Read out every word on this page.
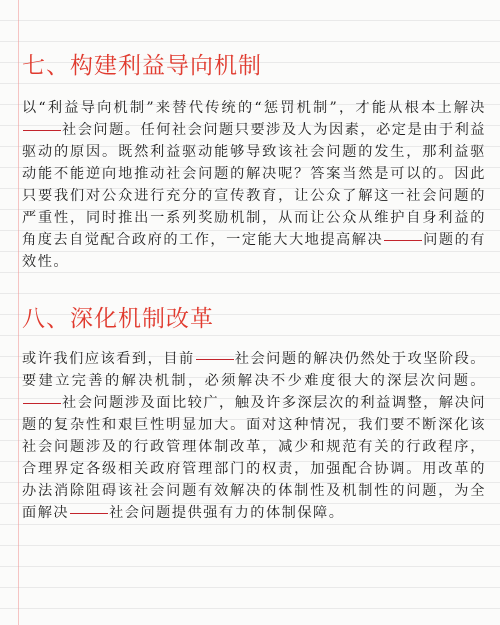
七、构建利益导向机制

以“利益导向机制”来替代传统的“惩罚机制”，才能从根本上解决社会问题。任何社会问题只要涉及人为因素，必定是由于利益驱动的原因。既然利益驱动能够导致该社会问题的发生，那利益驱动能不能逆向地推动社会问题的解决呢？答案当然是可以的。因此只要我们对公众进行充分的宣传教育，让公众了解这一社会问题的严重性，同时推出一系列奖励机制，从而让公众从维护自身利益的角度去自觉配合政府的工作，一定能大大地提高解决	问题的有效性。

八、深化机制改革

或许我们应该看到，目前	社会问题的解决仍然处于攻坚阶段。要建立完善的解决机制，必须解决不少难度很大的深层次问题。社会问题涉及面比较广，触及许多深层次的利益调整，解决问题的复杂性和艰巨性明显加大。面对这种情况，我们要不断深化该社会问题涉及的行政管理体制改革，减少和规范有关的行政程序，合理界定各级相关政府管理部门的权责，加强配合协调。用改革的办法消除阻碍该社会问题有效解决的体制性及机制性的问题，为全面解决	社会问题提供强有力的体制保障。
